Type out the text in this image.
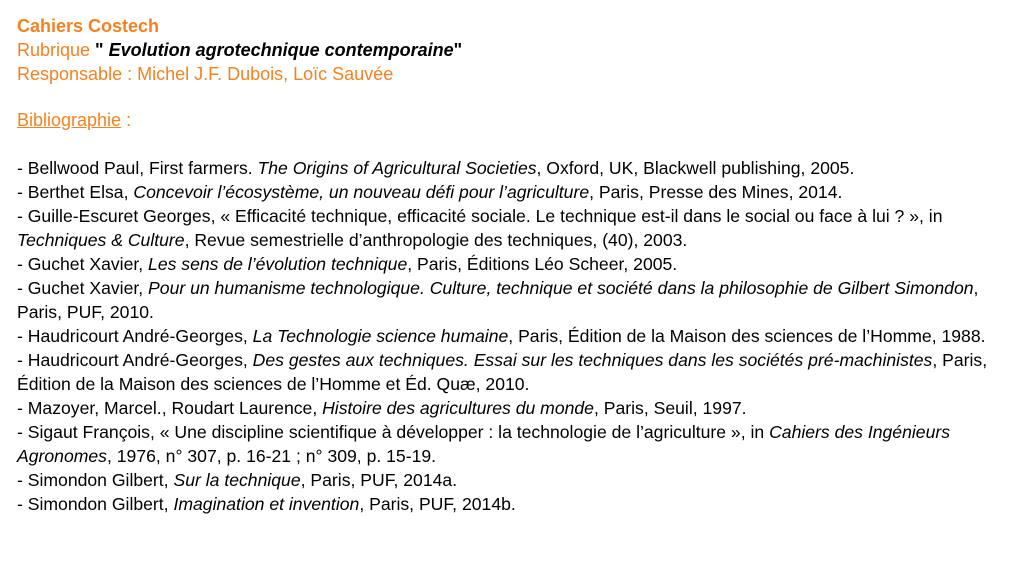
Cahiers Costech
Rubrique " Evolution agrotechnique contemporaine"
Responsable : Michel J.F. Dubois, Loïc Sauvée
Bibliographie :

- Bellwood Paul, First farmers. The Origins of Agricultural Societies, Oxford, UK, Blackwell publishing, 2005.

- Berthet Elsa, Concevoir l’écosystème, un nouveau défi pour l’agriculture, Paris, Presse des Mines, 2014.

- Guille-Escuret Georges, « Efficacité technique, efficacité sociale. Le technique est-il dans le social ou face à lui ? », in Techniques & Culture, Revue semestrielle d’anthropologie des techniques, (40), 2003.

- Guchet Xavier, Les sens de l’évolution technique, Paris, Éditions Léo Scheer, 2005.

- Guchet Xavier, Pour un humanisme technologique. Culture, technique et société dans la philosophie de Gilbert Simondon, Paris, PUF, 2010.

- Haudricourt André-Georges, La Technologie science humaine, Paris, Édition de la Maison des sciences de l’Homme, 1988.

- Haudricourt André-Georges, Des gestes aux techniques. Essai sur les techniques dans les sociétés pré-machinistes, Paris, Édition de la Maison des sciences de l’Homme et Éd. Quæ, 2010.

- Mazoyer, Marcel., Roudart Laurence, Histoire des agricultures du monde, Paris, Seuil, 1997.

- Sigaut François, « Une discipline scientifique à développer : la technologie de l’agriculture », in Cahiers des Ingénieurs Agronomes, 1976, n° 307, p. 16-21 ; n° 309, p. 15-19.

- Simondon Gilbert, Sur la technique, Paris, PUF, 2014a.

- Simondon Gilbert, Imagination et invention, Paris, PUF, 2014b.
